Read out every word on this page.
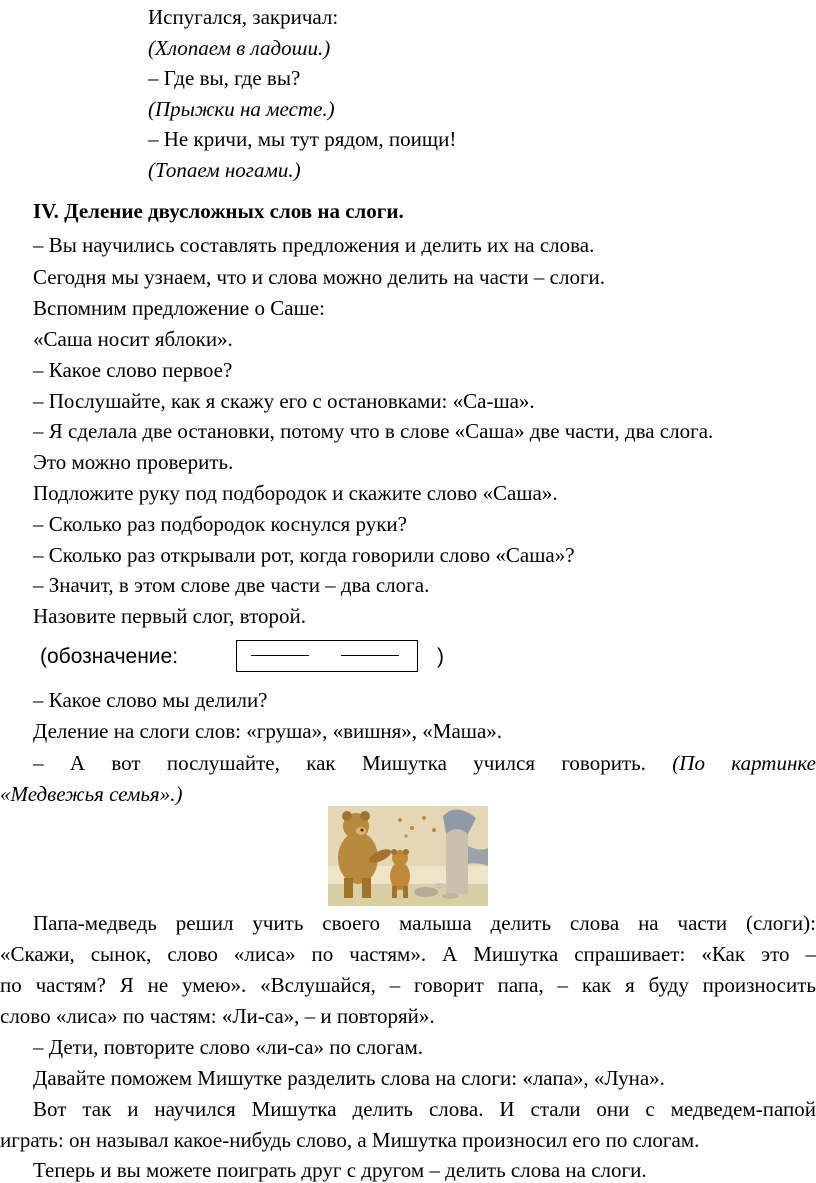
Испугался, закричал:
(Хлопаем в ладоши.)
– Где вы, где вы?
(Прыжки на месте.)
– Не кричи, мы тут рядом, поищи!
(Топаем ногами.)
IV. Деление двусложных слов на слоги.
– Вы научились составлять предложения и делить их на слова.
Сегодня мы узнаем, что и слова можно делить на части – слоги.
Вспомним предложение о Саше:
«Саша носит яблоки».
– Какое слово первое?
– Послушайте, как я скажу его с остановками: «Са-ша».
– Я сделала две остановки, потому что в слове «Саша» две части, два слога.
Это можно проверить.
Подложите руку под подбородок и скажите слово «Саша».
– Сколько раз подбородок коснулся руки?
– Сколько раз открывали рот, когда говорили слово «Саша»?
– Значит, в этом слове две части – два слога.
Назовите первый слог, второй.
(обозначение:	)
– Какое слово мы делили?
Деление на слоги слов: «груша», «вишня», «Маша».
– А вот послушайте, как Мишутка учился говорить. (По картинке
«Медвежья семья».)
Папа-медведь решил учить своего малыша делить слова на части (слоги):
«Скажи, сынок, слово «лиса» по частям». А Мишутка спрашивает: «Как это –
по частям? Я не умею». «Вслушайся, – говорит папа, – как я буду произносить
слово «лиса» по частям: «Ли-са», – и повторяй».
– Дети, повторите слово «ли-са» по слогам.
Давайте поможем Мишутке разделить слова на слоги: «лапа», «Луна».
Вот так и научился Мишутка делить слова. И стали они с медведем-папой
играть: он называл какое-нибудь слово, а Мишутка произносил его по слогам.
Теперь и вы можете поиграть друг с другом – делить слова на слоги.
